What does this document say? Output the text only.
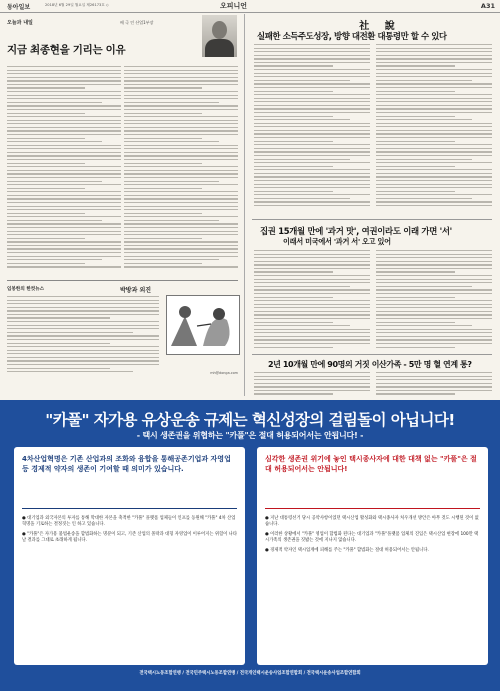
동아일보	2018년 6월 29일 월요일 제26173호 ◇	오피니언	A31
오늘과 내일	배 극 인 산업1부장
지금 최종현을 기리는 이유
임봉한의 한컷뉴스	박방과 외진
mh@donga.com
社 說
실패한 소득주도성장, 방향 대전환 대통령만 할 수 있다
집권 15개월 만에 '과거 맛', 여권이라도 이래 가면 '서'
이래서 미국에서 '과거 서' 오고 있어
2년 10개월 만에 90명의 거짓 이산가족 - 5만 명 혈 연계 통?
"카풀" 자가용 유상운송 규제는 혁신성장의 걸림돌이 아닙니다!
- 택시 생존권을 위협하는 "카풀"은 절대 허용되어서는 안됩니다! -
4차산업혁명은 기존 산업과의 조화와 융합을 통해공존기업과 자영업 등 경제적 약자의 생존이 기여할 때 의미가 있습니다.

● 대기업과 외국자본의 투자를 통해 막대한 자본을 축적한 "카풀" 플랫폼 업체들이 인프를 동원해 "카풀" 4차 산업혁명을 기로하는 결정짓는 인 하고 있습니다.

● "카풀"은 자가용 불법운송을 합법화하는 명분이 되고, 기존 산업의 몰락과 대형 자영업이 이루어지는 위험이 나타날 결과를 그대로 초래하게 됩니다.

심각한 생존권 위기에 놓인 택시종사자에 대한 대책 없는 "카풀"은 절대 허용되어서는 안됩니다!

● 지난 대통령선거 당시 공약사항이었던 택시산업 활성화와 택시종사자 처우개선 방안은 아무 것도 시행된 것이 없습니다.

● 이러한 상황에서 "카풀" 영업이 합법화 된다는 대기업과 "카풀"플랫폼 업체의 진입은 택시산업 현장에 100만 택시가족의 생존권을 짓밟는 것에 지나지 않습니다.

● 경제적 약자인 택시업계에 피해를 주는 "카풀" 합법화는 절대 허용되어서는 안됩니다.

전국택시노동조합연맹 / 전국민주택시노동조합연맹 / 전국개인택시운송사업조합연합회 / 전국택시운송사업조합연합회
